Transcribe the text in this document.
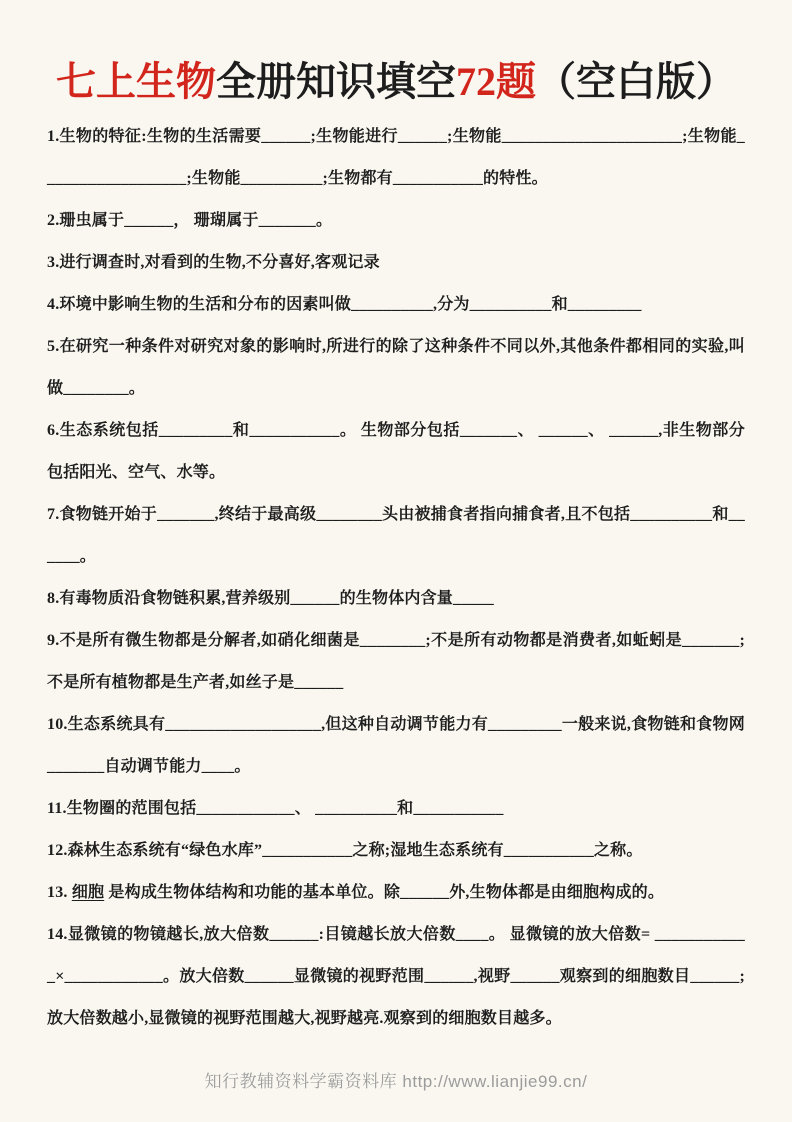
七上生物全册知识填空72题（空白版）

1.生物的特征:生物的生活需要______;生物能进行______;生物能______________________;生物能__________________;生物能__________;生物都有___________的特性。

2.珊虫属于______， 珊瑚属于_______。

3.进行调查时,对看到的生物,不分喜好,客观记录

4.环境中影响生物的生活和分布的因素叫做__________,分为__________和_________

5.在研究一种条件对研究对象的影响时,所进行的除了这种条件不同以外,其他条件都相同的实验,叫做________。

6.生态系统包括_________和___________。 生物部分包括_______、 ______、 ______,非生物部分包括阳光、空气、水等。

7.食物链开始于_______,终结于最高级________头由被捕食者指向捕食者,且不包括__________和______。

8.有毒物质沿食物链积累,营养级别______的生物体内含量_____

9.不是所有微生物都是分解者,如硝化细菌是________;不是所有动物都是消费者,如蚯蚓是_______;不是所有植物都是生产者,如丝子是______

10.生态系统具有___________________,但这种自动调节能力有_________一般来说,食物链和食物网_______自动调节能力____。

11.生物圈的范围包括____________、 __________和___________

12.森林生态系统有“绿色水库”___________之称;湿地生态系统有___________之称。

13. 细胞 是构成生物体结构和功能的基本单位。除______外,生物体都是由细胞构成的。

14.显微镜的物镜越长,放大倍数______:目镜越长放大倍数____。 显微镜的放大倍数= ____________×____________。放大倍数______显微镜的视野范围______,视野______观察到的细胞数目______;放大倍数越小,显微镜的视野范围越大,视野越亮.观察到的细胞数目越多。

知行教辅资料学霸资料库 http://www.lianjie99.cn/
